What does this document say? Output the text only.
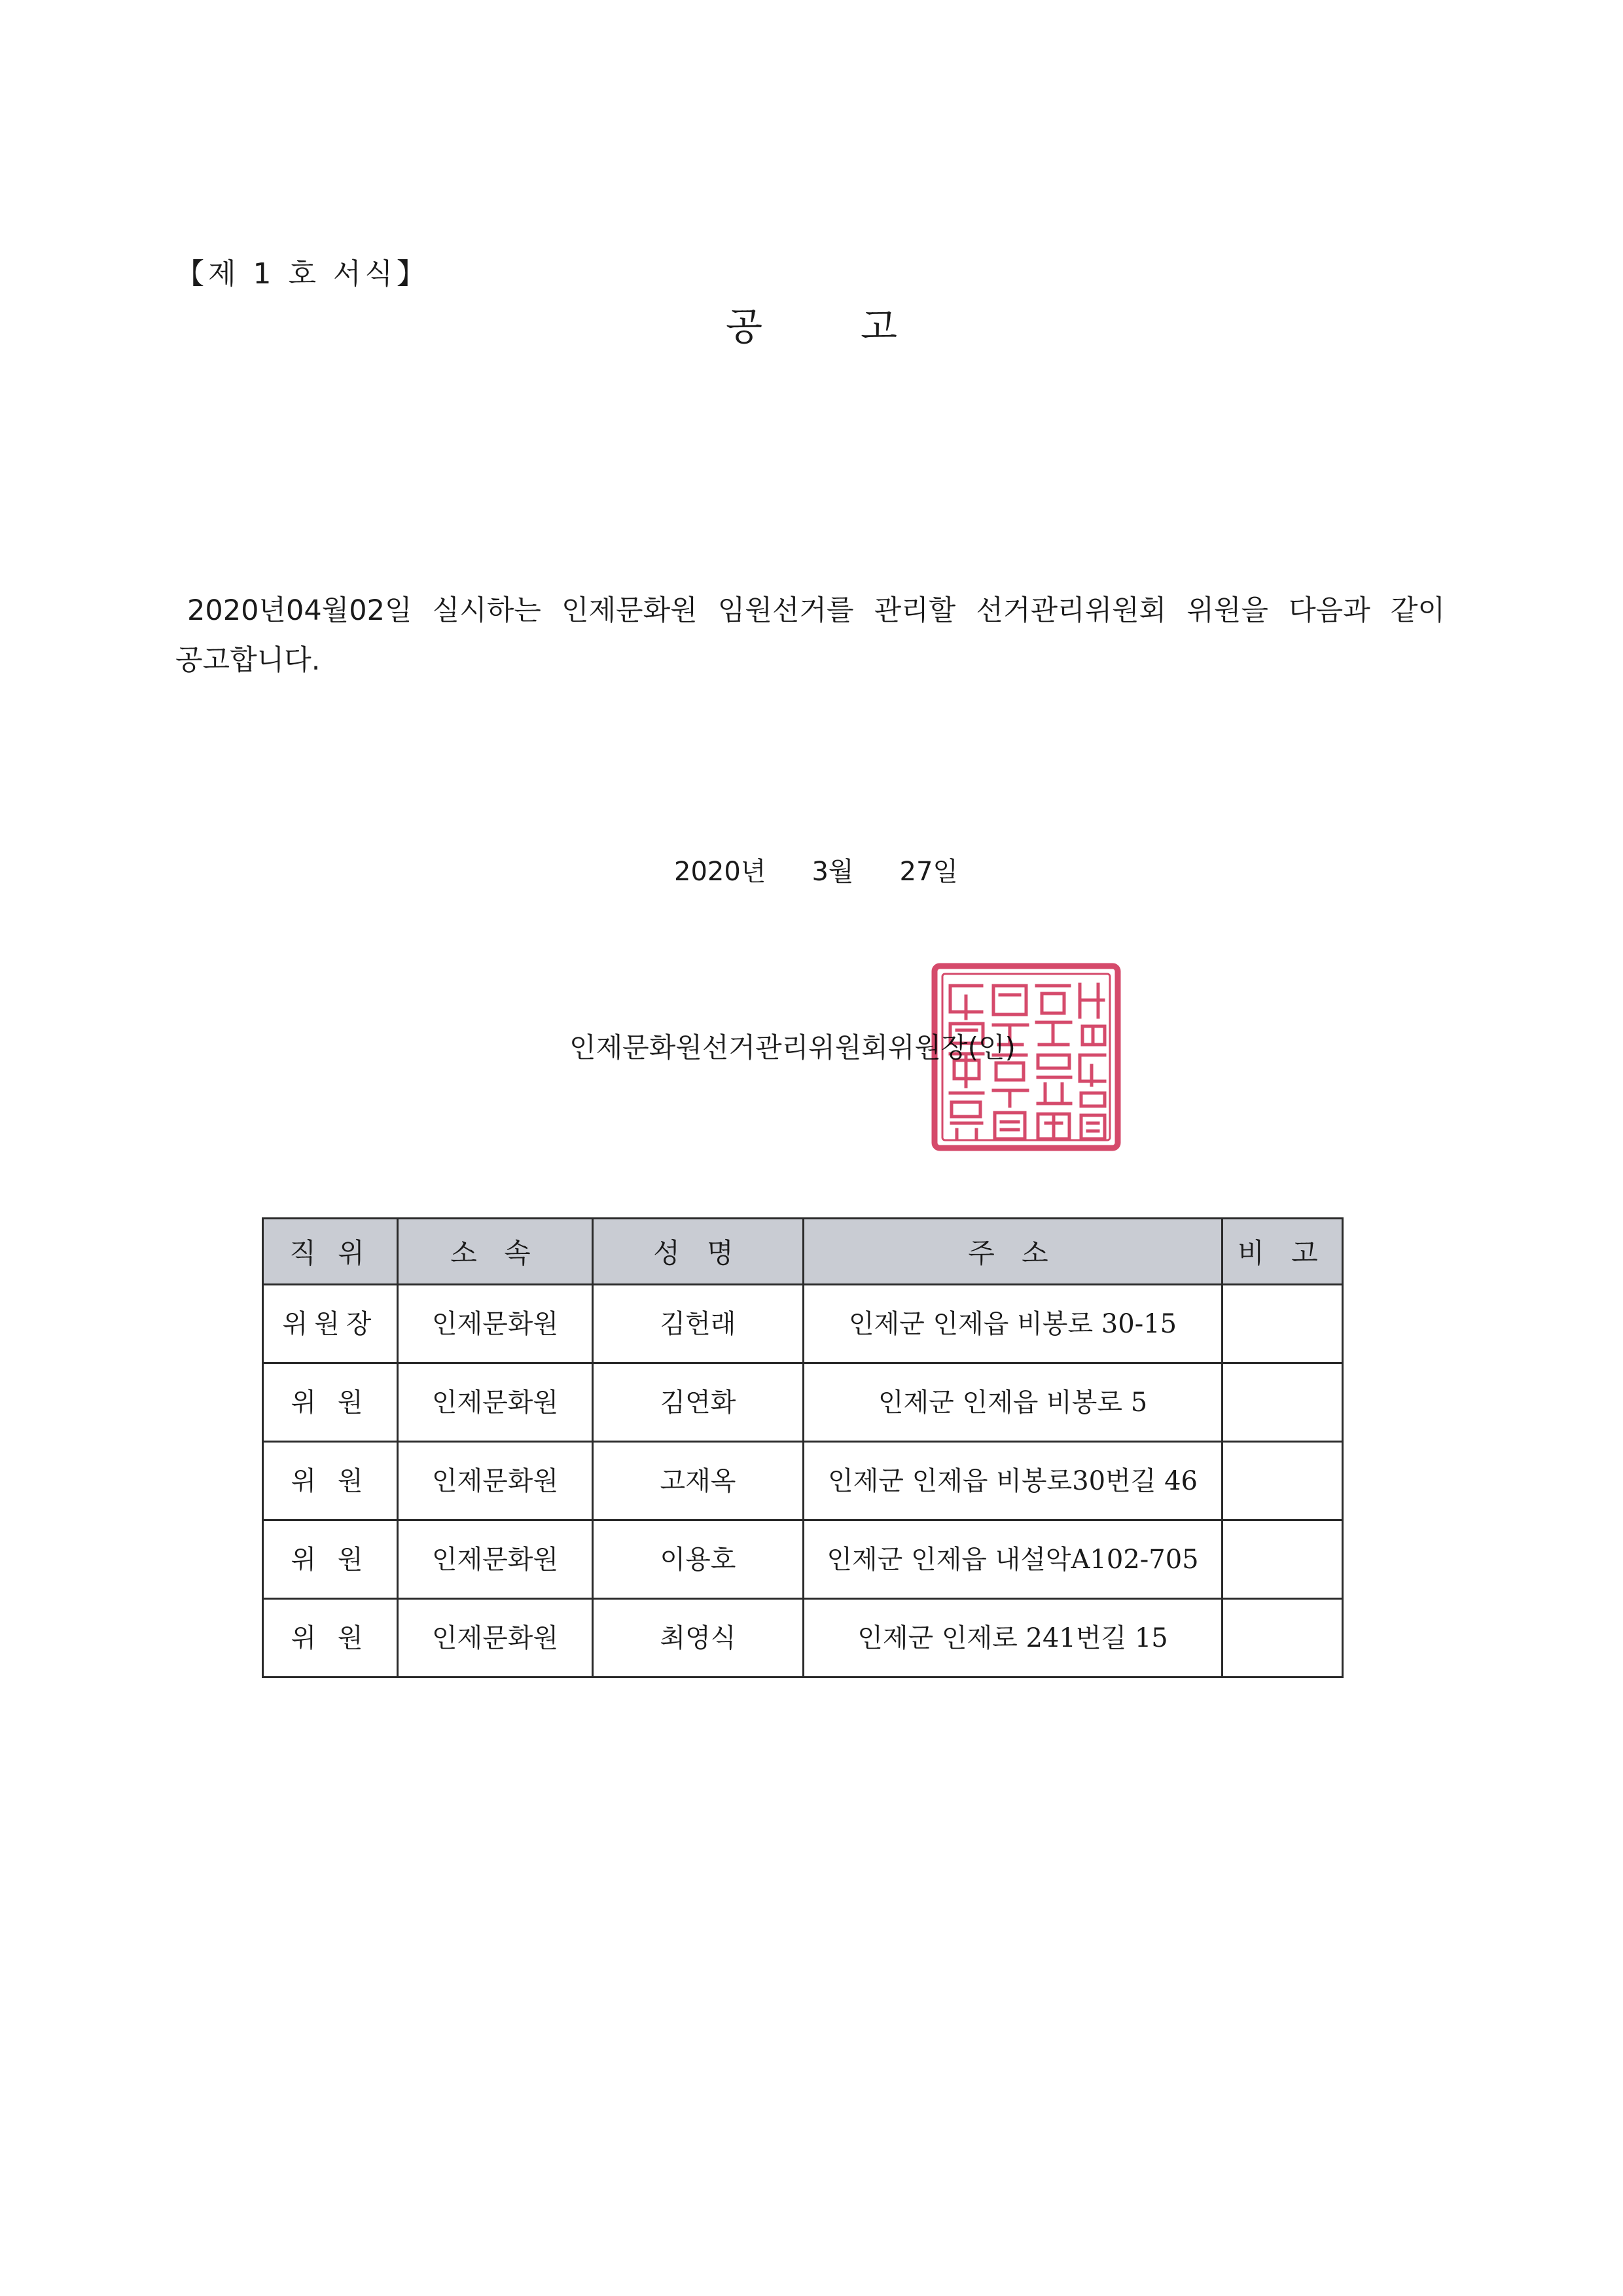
【제 1 호 서식】
공	고
2020년04월02일 실시하는 인제문화원 임원선거를 관리할 선거관리위원회 위원을 다음과 같이 공고합니다.
2020년 3월 27일
인제문화원선거관리위원회위원장(인)
직 위	소 속	성 명	주 소	비 고
위원장	인제문화원	김헌래	인제군 인제읍 비봉로 30-15	
위 원	인제문화원	김연화	인제군 인제읍 비봉로 5	
위 원	인제문화원	고재옥	인제군 인제읍 비봉로30번길 46	
위 원	인제문화원	이용호	인제군 인제읍 내설악A102-705	
위 원	인제문화원	최영식	인제군 인제로 241번길 15	
